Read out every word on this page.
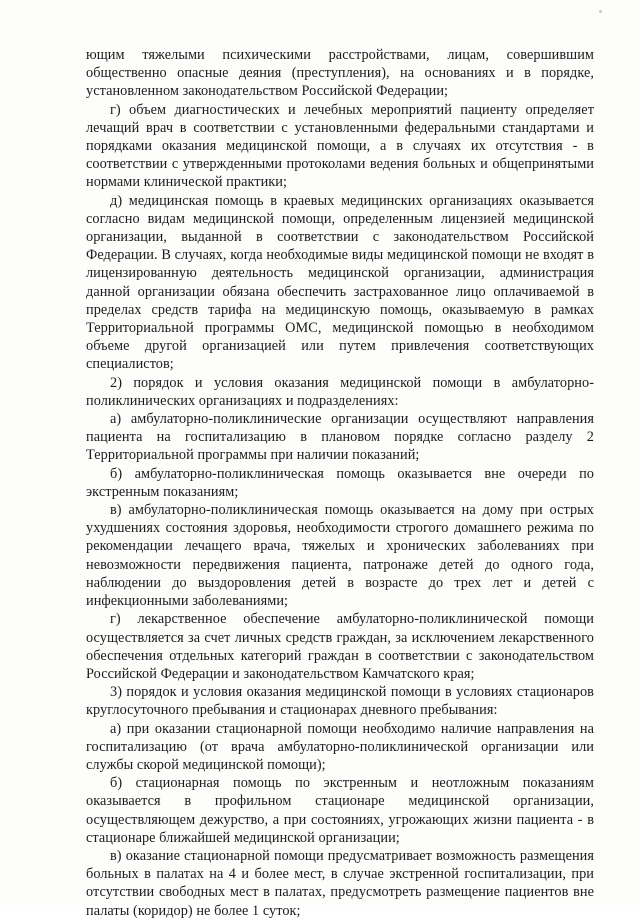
ющим тяжелыми психическими расстройствами, лицам, совершившим общественно опасные деяния (преступления), на основаниях и в порядке, установленном законодательством Российской Федерации;

г) объем диагностических и лечебных мероприятий пациенту определяет лечащий врач в соответствии с установленными федеральными стандартами и порядками оказания медицинской помощи, а в случаях их отсутствия - в соответствии с утвержденными протоколами ведения больных и общепринятыми нормами клинической практики;

д) медицинская помощь в краевых медицинских организациях оказывается согласно видам медицинской помощи, определенным лицензией медицинской организации, выданной в соответствии с законодательством Российской Федерации. В случаях, когда необходимые виды медицинской помощи не входят в лицензированную деятельность медицинской организации, администрация данной организации обязана обеспечить застрахованное лицо оплачиваемой в пределах средств тарифа на медицинскую помощь, оказываемую в рамках Территориальной программы ОМС, медицинской помощью в необходимом объеме другой организацией или путем привлечения соответствующих специалистов;

2) порядок и условия оказания медицинской помощи в амбулаторно-поликлинических организациях и подразделениях:

а) амбулаторно-поликлинические организации осуществляют направления пациента на госпитализацию в плановом порядке согласно разделу 2 Территориальной программы при наличии показаний;

б) амбулаторно-поликлиническая помощь оказывается вне очереди по экстренным показаниям;

в) амбулаторно-поликлиническая помощь оказывается на дому при острых ухудшениях состояния здоровья, необходимости строгого домашнего режима по рекомендации лечащего врача, тяжелых и хронических заболеваниях при невозможности передвижения пациента, патронаже детей до одного года, наблюдении до выздоровления детей в возрасте до трех лет и детей с инфекционными заболеваниями;

г) лекарственное обеспечение амбулаторно-поликлинической помощи осуществляется за счет личных средств граждан, за исключением лекарственного обеспечения отдельных категорий граждан в соответствии с законодательством Российской Федерации и законодательством Камчатского края;

3) порядок и условия оказания медицинской помощи в условиях стационаров круглосуточного пребывания и стационарах дневного пребывания:

а) при оказании стационарной помощи необходимо наличие направления на госпитализацию (от врача амбулаторно-поликлинической организации или службы скорой медицинской помощи);

б) стационарная помощь по экстренным и неотложным показаниям оказывается в профильном стационаре медицинской организации, осуществляющем дежурство, а при состояниях, угрожающих жизни пациента - в стационаре ближайшей медицинской организации;

в) оказание стационарной помощи предусматривает возможность размещения больных в палатах на 4 и более мест, в случае экстренной госпитализации, при отсутствии свободных мест в палатах, предусмотреть размещение пациентов вне палаты (коридор) не более 1 суток;
